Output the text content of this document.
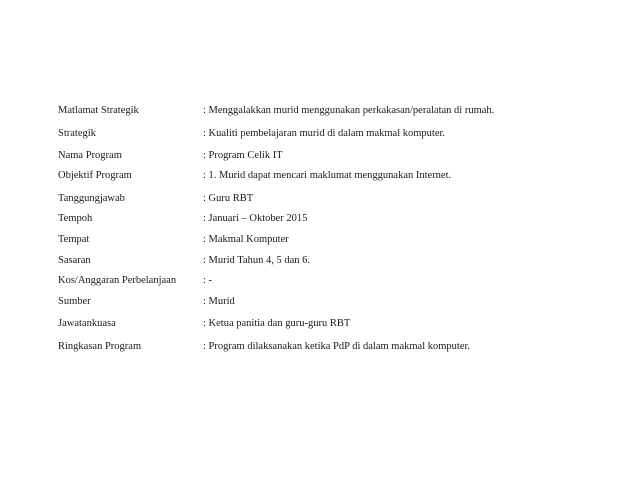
Matlamat Strategik	: Menggalakkan murid menggunakan perkakasan/peralatan di rumah.
Strategik	: Kualiti pembelajaran murid di dalam makmal komputer.
Nama Program	: Program Celik IT
Objektif Program	: 1. Murid dapat mencari maklumat menggunakan Internet.
Tanggungjawab	: Guru RBT
Tempoh	: Januari – Oktober 2015
Tempat	: Makmal Komputer
Sasaran	: Murid Tahun 4, 5 dan 6.
Kos/Anggaran Perbelanjaan	: -
Sumber	: Murid
Jawatankuasa	: Ketua panitia dan guru-guru RBT
Ringkasan Program	: Program dilaksanakan ketika PdP di dalam makmal komputer.
